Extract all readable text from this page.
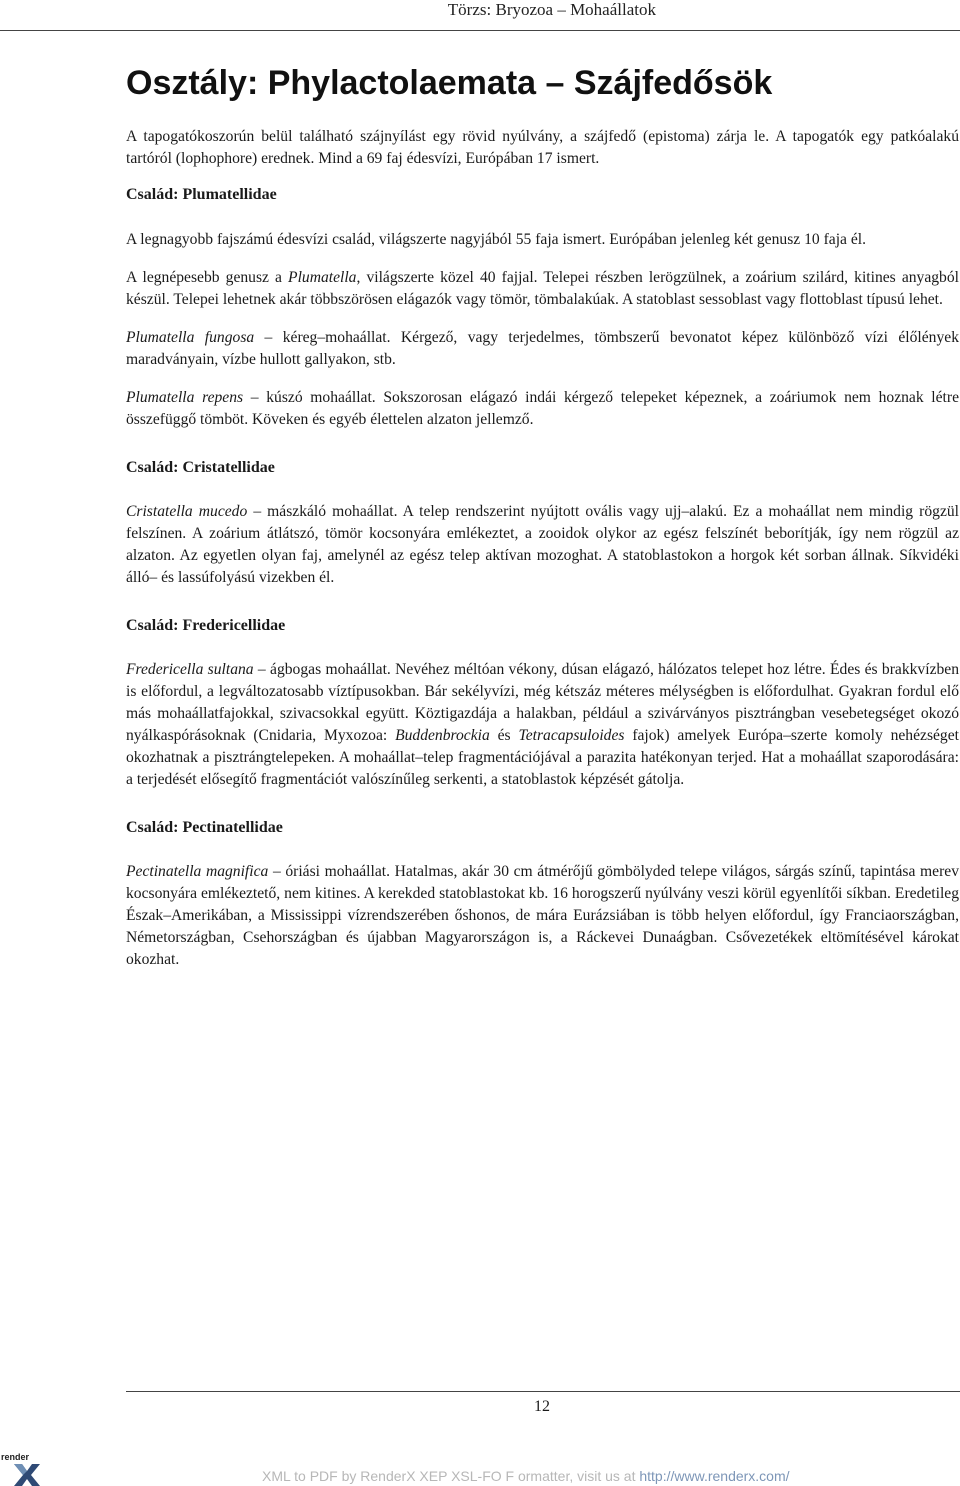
Törzs: Bryozoa – Mohaállatok
Osztály: Phylactolaemata – Szájfedősök

A tapogatókoszorún belül található szájnyílást egy rövid nyúlvány, a szájfedő (epistoma) zárja le. A tapogatók egy patkóalakú tartóról (lophophore) erednek. Mind a 69 faj édesvízi, Európában 17 ismert.

Család: Plumatellidae

A legnagyobb fajszámú édesvízi család, világszerte nagyjából 55 faja ismert. Európában jelenleg két genusz 10 faja él.

A legnépesebb genusz a Plumatella, világszerte közel 40 fajjal. Telepei részben lerögzülnek, a zoárium szilárd, kitines anyagból készül. Telepei lehetnek akár többszörösen elágazók vagy tömör, tömbalakúak. A statoblast sessoblast vagy flottoblast típusú lehet.

Plumatella fungosa – kéreg–mohaállat. Kérgező, vagy terjedelmes, tömbszerű bevonatot képez különböző vízi élőlények maradványain, vízbe hullott gallyakon, stb.

Plumatella repens – kúszó mohaállat. Sokszorosan elágazó indái kérgező telepeket képeznek, a zoáriumok nem hoznak létre összefüggő tömböt. Köveken és egyéb élettelen alzaton jellemző.

Család: Cristatellidae

Cristatella mucedo – mászkáló mohaállat. A telep rendszerint nyújtott ovális vagy ujj–alakú. Ez a mohaállat nem mindig rögzül felszínen. A zoárium átlátszó, tömör kocsonyára emlékeztet, a zooidok olykor az egész felszínét beborítják, így nem rögzül az alzaton. Az egyetlen olyan faj, amelynél az egész telep aktívan mozoghat. A statoblastokon a horgok két sorban állnak. Síkvidéki álló– és lassúfolyású vizekben él.

Család: Fredericellidae

Fredericella sultana – ágbogas mohaállat. Nevéhez méltóan vékony, dúsan elágazó, hálózatos telepet hoz létre. Édes és brakkvízben is előfordul, a legváltozatosabb víztípusokban. Bár sekélyvízi, még kétszáz méteres mélységben is előfordulhat. Gyakran fordul elő más mohaállatfajokkal, szivacsokkal együtt. Köztigazdája a halakban, például a szivárványos pisztrángban vesebetegséget okozó nyálkaspórásoknak (Cnidaria, Myxozoa: Buddenbrockia és Tetracapsuloides fajok) amelyek Európa–szerte komoly nehézséget okozhatnak a pisztrángtelepeken. A mohaállat–telep fragmentációjával a parazita hatékonyan terjed. Hat a mohaállat szaporodására: a terjedését elősegítő fragmentációt valószínűleg serkenti, a statoblastok képzését gátolja.

Család: Pectinatellidae

Pectinatella magnifica – óriási mohaállat. Hatalmas, akár 30 cm átmérőjű gömbölyded telepe világos, sárgás színű, tapintása merev kocsonyára emlékeztető, nem kitines. A kerekded statoblastokat kb. 16 horogszerű nyúlvány veszi körül egyenlítői síkban. Eredetileg Észak–Amerikában, a Mississippi vízrendszerében őshonos, de mára Eurázsiában is több helyen előfordul, így Franciaországban, Németországban, Csehországban és újabban Magyarországon is, a Ráckevei Dunaágban. Csővezetékek eltömítésével károkat okozhat.

12
render
XML to PDF by RenderX XEP XSL-FO F ormatter, visit us at http://www.renderx.com/
